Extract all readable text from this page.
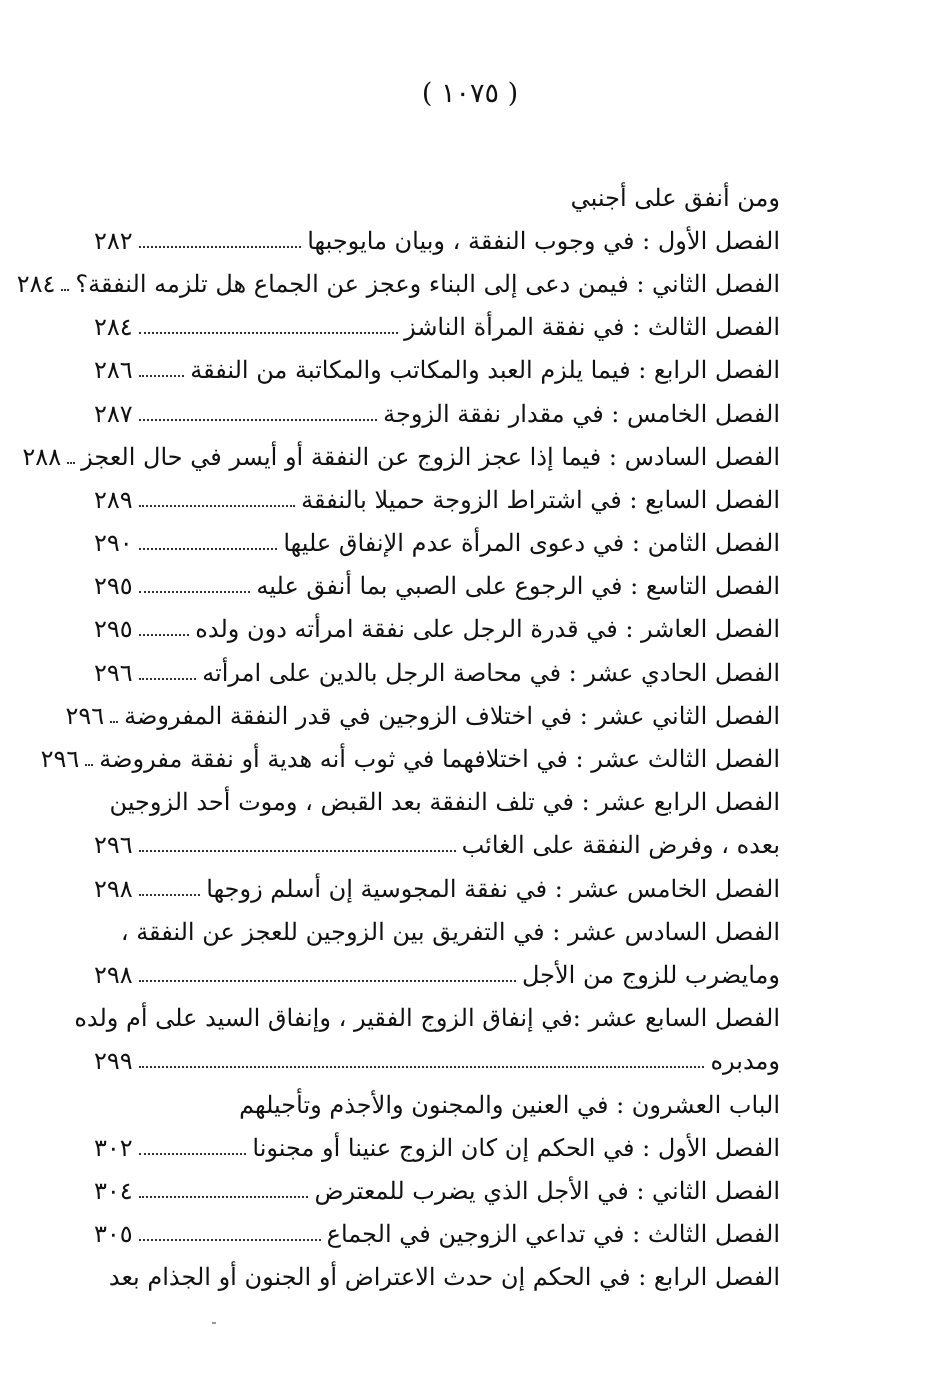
( ١٠٧٥ )
ومن أنفق على أجنبي
الفصل الأول : في وجوب النفقة ، وبيان مايوجبها
٢٨٢
الفصل الثاني : فيمن دعى إلى البناء وعجز عن الجماع هل تلزمه النفقة؟
٢٨٤
الفصل الثالث : في نفقة المرأة الناشز
٢٨٤
الفصل الرابع : فيما يلزم العبد والمكاتب والمكاتبة من النفقة
٢٨٦
الفصل الخامس : في مقدار نفقة الزوجة
٢٨٧
الفصل السادس : فيما إذا عجز الزوج عن النفقة أو أيسر في حال العجز
٢٨٨
الفصل السابع : في اشتراط الزوجة حميلا بالنفقة
٢٨٩
الفصل الثامن : في دعوى المرأة عدم الإنفاق عليها
٢٩٠
الفصل التاسع : في الرجوع على الصبي بما أنفق عليه
٢٩٥
الفصل العاشر : في قدرة الرجل على نفقة امرأته دون ولده
٢٩٥
الفصل الحادي عشر : في محاصة الرجل بالدين على امرأته
٢٩٦
الفصل الثاني عشر : في اختلاف الزوجين في قدر النفقة المفروضة
٢٩٦
الفصل الثالث عشر : في اختلافهما في ثوب أنه هدية أو نفقة مفروضة
٢٩٦
الفصل الرابع عشر : في تلف النفقة بعد القبض ، وموت أحد الزوجين
بعده ، وفرض النفقة على الغائب
٢٩٦
الفصل الخامس عشر : في نفقة المجوسية إن أسلم زوجها
٢٩٨
الفصل السادس عشر : في التفريق بين الزوجين للعجز عن النفقة ،
ومايضرب للزوج من الأجل
٢٩٨
الفصل السابع عشر :في إنفاق الزوج الفقير ، وإنفاق السيد على أم ولده
ومدبره
٢٩٩
الباب العشرون : في العنين والمجنون والأجذم وتأجيلهم
الفصل الأول : في الحكم إن كان الزوج عنينا أو مجنونا
٣٠٢
الفصل الثاني : في الأجل الذي يضرب للمعترض
٣٠٤
الفصل الثالث : في تداعي الزوجين في الجماع
٣٠٥
الفصل الرابع : في الحكم إن حدث الاعتراض أو الجنون أو الجذام بعد
